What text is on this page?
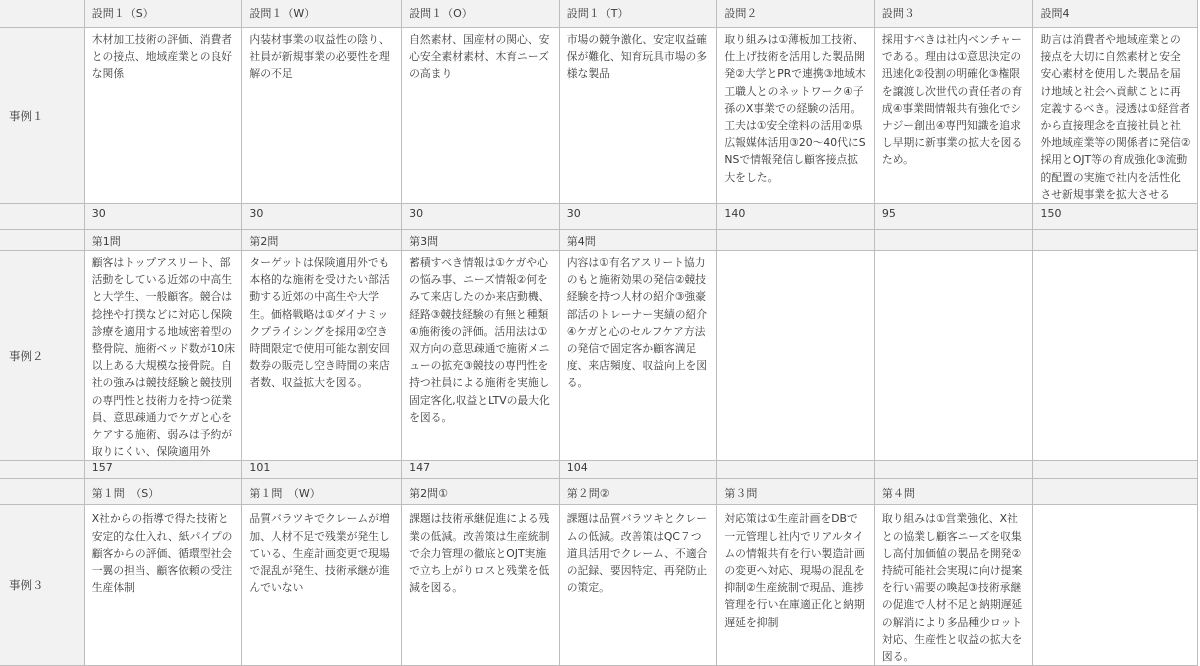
	設問１（S）	設問１（W）	設問１（O）	設問１（T）	設問２	設問３	設問4

事例１	木材加工技術の評価、消費者との接点、地域産業との良好な関係	内装材事業の収益性の陰り、社員が新規事業の必要性を理解の不足	自然素材、国産材の関心、安心安全素材素材、木育ニーズの高まり	市場の競争激化、安定収益確保が難化、知育玩具市場の多様な製品	取り組みは①薄板加工技術、仕上げ技術を活用した製品開発②大学とPRで連携③地域木工職人とのネットワーク④子孫のX事業での経験の活用。工夫は①安全塗料の活用②県広報媒体活用③20〜40代にSNSで情報発信し顧客接点拡大をした。	採用すべきは社内ベンチャーである。理由は①意思決定の迅速化②役割の明確化③権限を譲渡し次世代の責任者の育成④事業間情報共有強化でシナジー創出④専門知識を追求し早期に新事業の拡大を図るため。	助言は消費者や地域産業との接点を大切に自然素材と安全安心素材を使用した製品を届け地域と社会へ貢献ことに再定義するべき。浸透は①経営者から直接理念を直接社員と社外地域産業等の関係者に発信②採用とOJT等の育成強化③流動的配置の実施で社内を活性化させ新規事業を拡大させる

	30	30	30	30	140	95	150

	第1問	第2問	第3問	第4問			

事例２	顧客はトップアスリート、部活動をしている近郊の中高生と大学生、一般顧客。競合は捻挫や打撲などに対応し保険診療を適用する地域密着型の整骨院、施術ベッド数が10床以上ある大規模な接骨院。自社の強みは競技経験と競技別の専門性と技術力を持つ従業員、意思疎通力でケガと心をケアする施術、弱みは予約が取りにくい、保険適用外	ターゲットは保険適用外でも本格的な施術を受けたい部活動する近郊の中高生や大学生。価格戦略は①ダイナミックプライシングを採用②空き時間限定で使用可能な割安回数券の販売し空き時間の来店者数、収益拡大を図る。	蓄積すべき情報は①ケガや心の悩み事、ニーズ情報②何をみて来店したのか来店動機、経路③競技経験の有無と種類④施術後の評価。活用法は①双方向の意思疎通で施術メニューの拡充③競技の専門性を持つ社員による施術を実施し固定客化,収益とLTVの最大化を図る。	内容は①有名アスリート協力のもと施術効果の発信②競技経験を持つ人材の紹介③強豪部活のトレーナー実績の紹介④ケガと心のセルフケア方法の発信で固定客か顧客満足度、来店頻度、収益向上を図る。			

	157	101	147	104			

	第１問　（S）	第１問　（W）	第2問①	第２問②	第３問	第４問	

事例３	X社からの指導で得た技術と安定的な仕入れ、紙パイプの顧客からの評価、循環型社会一翼の担当、顧客依頼の受注生産体制	品質バラツキでクレームが増加、人材不足で残業が発生している、生産計画変更で現場で混乱が発生、技術承継が進んでいない	課題は技術承継促進による残業の低減。改善策は生産統制で余力管理の徹底とOJT実施で立ち上がりロスと残業を低減を図る。	課題は品質バラツキとクレームの低減。改善策はQC７つ道具活用でクレーム、不適合の記録、要因特定、再発防止の策定。	対応策は①生産計画をDBで一元管理し社内でリアルタイムの情報共有を行い製造計画の変更へ対応、現場の混乱を抑制②生産統制で現品、進捗管理を行い在庫適正化と納期遅延を抑制	取り組みは①営業強化、X社との協業し顧客ニーズを収集し高付加価値の製品を開発②持続可能社会実現に向け提案を行い需要の喚起③技術承継の促進で人材不足と納期遅延の解消により多品種少ロット対応、生産性と収益の拡大を図る。	
